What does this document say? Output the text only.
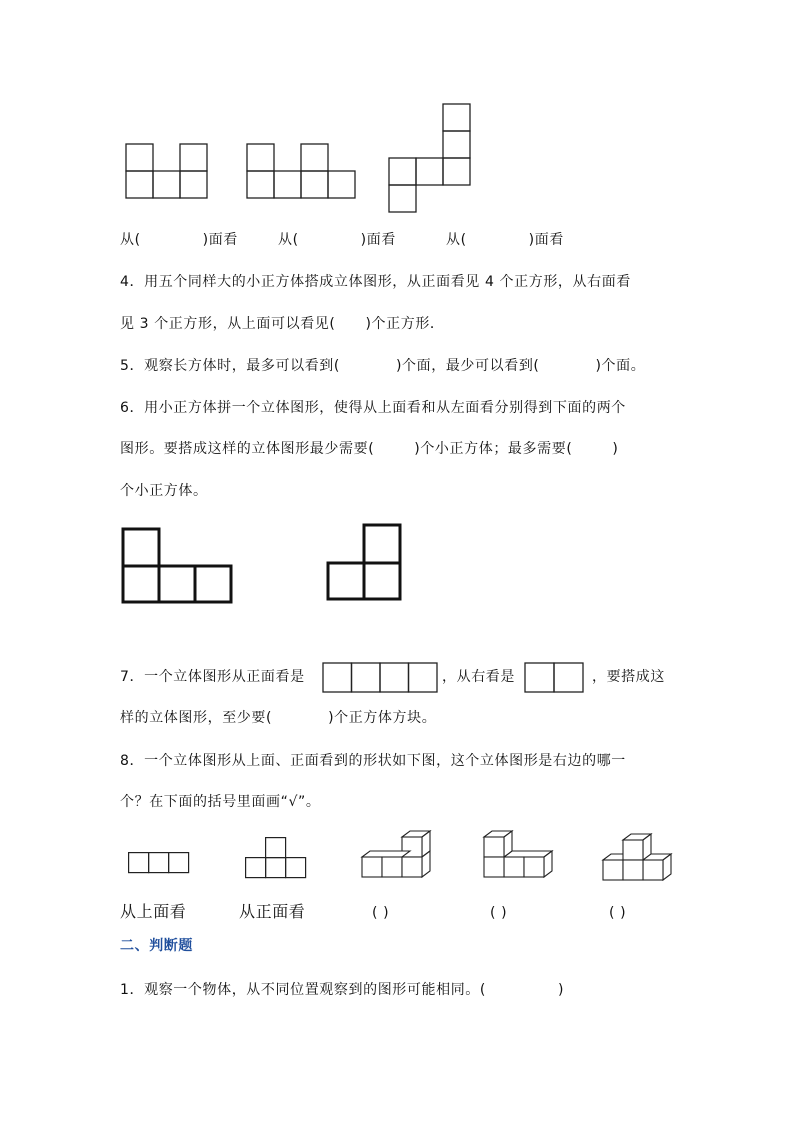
从(	)面看	从(	)面看	从(	)面看
4．用五个同样大的小正方体搭成立体图形，从正面看见 4 个正方形，从右面看
见 3 个正方形，从上面可以看见( )个正方形．
5．观察长方体时，最多可以看到(	)个面，最少可以看到(	)个面。
6．用小正方体拼一个立体图形，使得从上面看和从左面看分别得到下面的两个
图形。要搭成这样的立体图形最少需要(	)个小正方体；最多需要(	)
个小正方体。
7．一个立体图形从正面看是	，从右看是	，要搭成这
样的立体图形，至少要(	)个正方体方块。
8．一个立体图形从上面、正面看到的形状如下图，这个立体图形是右边的哪一
个？在下面的括号里面画“√”。
从上面看	从正面看	( )	( )	( )
二、判断题
1．观察一个物体，从不同位置观察到的图形可能相同。(	)
